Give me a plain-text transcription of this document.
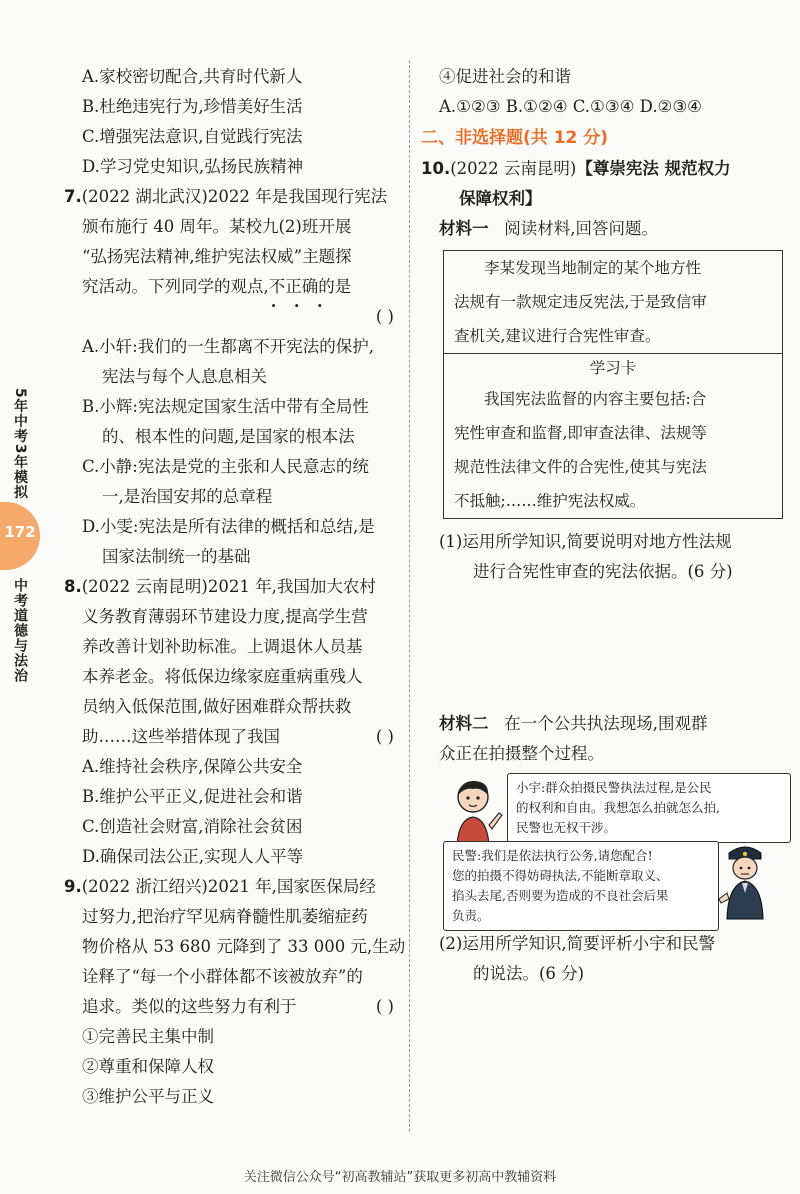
5年中考3年模拟
172
中考道德与法治
A.家校密切配合,共育时代新人
B.杜绝违宪行为,珍惜美好生活
C.增强宪法意识,自觉践行宪法
D.学习党史知识,弘扬民族精神
7.(2022 湖北武汉)2022 年是我国现行宪法
颁布施行 40 周年。某校九(2)班开展
“弘扬宪法精神,维护宪法权威”主题探
究活动。下列同学的观点,不正确 · · ·的是
( )

A.小轩:我们的一生都离不开宪法的保护,
宪法与每个人息息相关
B.小辉:宪法规定国家生活中带有全局性
的、根本性的问题,是国家的根本法
C.小静:宪法是党的主张和人民意志的统
一,是治国安邦的总章程
D.小雯:宪法是所有法律的概括和总结,是
国家法制统一的基础
8.(2022 云南昆明)2021 年,我国加大农村
义务教育薄弱环节建设力度,提高学生营
养改善计划补助标准。上调退休人员基
本养老金。将低保边缘家庭重病重残人
员纳入低保范围,做好困难群众帮扶救
助……这些举措体现了我国	( )
A.维持社会秩序,保障公共安全
B.维护公平正义,促进社会和谐
C.创造社会财富,消除社会贫困
D.确保司法公正,实现人人平等
9.(2022 浙江绍兴)2021 年,国家医保局经
过努力,把治疗罕见病脊髓性肌萎缩症药
物价格从 53 680 元降到了 33 000 元,生动
诠释了“每一个小群体都不该被放弃”的
追求。类似的这些努力有利于	( )
①完善民主集中制
②尊重和保障人权
③维护公平与正义
④促进社会的和谐
A.①②③ B.①②④ C.①③④ D.②③④
二、非选择题(共 12 分)
10.(2022 云南昆明)【尊崇宪法 规范权力
保障权利】
材料一 阅读材料,回答问题。
李某发现当地制定的某个地方性
法规有一款规定违反宪法,于是致信审
查机关,建议进行合宪性审查。
学习卡
我国宪法监督的内容主要包括:合
宪性审查和监督,即审查法律、法规等
规范性法律文件的合宪性,使其与宪法
不抵触;……维护宪法权威。
(1)运用所学知识,简要说明对地方性法规
进行合宪性审查的宪法依据。(6 分)
材料二 在一个公共执法现场,围观群
众正在拍摄整个过程。
小宇:群众拍摄民警执法过程,是公民
的权利和自由。我想怎么拍就怎么拍,
民警也无权干涉。
民警:我们是依法执行公务,请您配合!
您的拍摄不得妨碍执法,不能断章取义、
掐头去尾,否则要为造成的不良社会后果
负责。
(2)运用所学知识,简要评析小宇和民警
的说法。(6 分)
关注微信公众号“初高教辅站”获取更多初高中教辅资料
